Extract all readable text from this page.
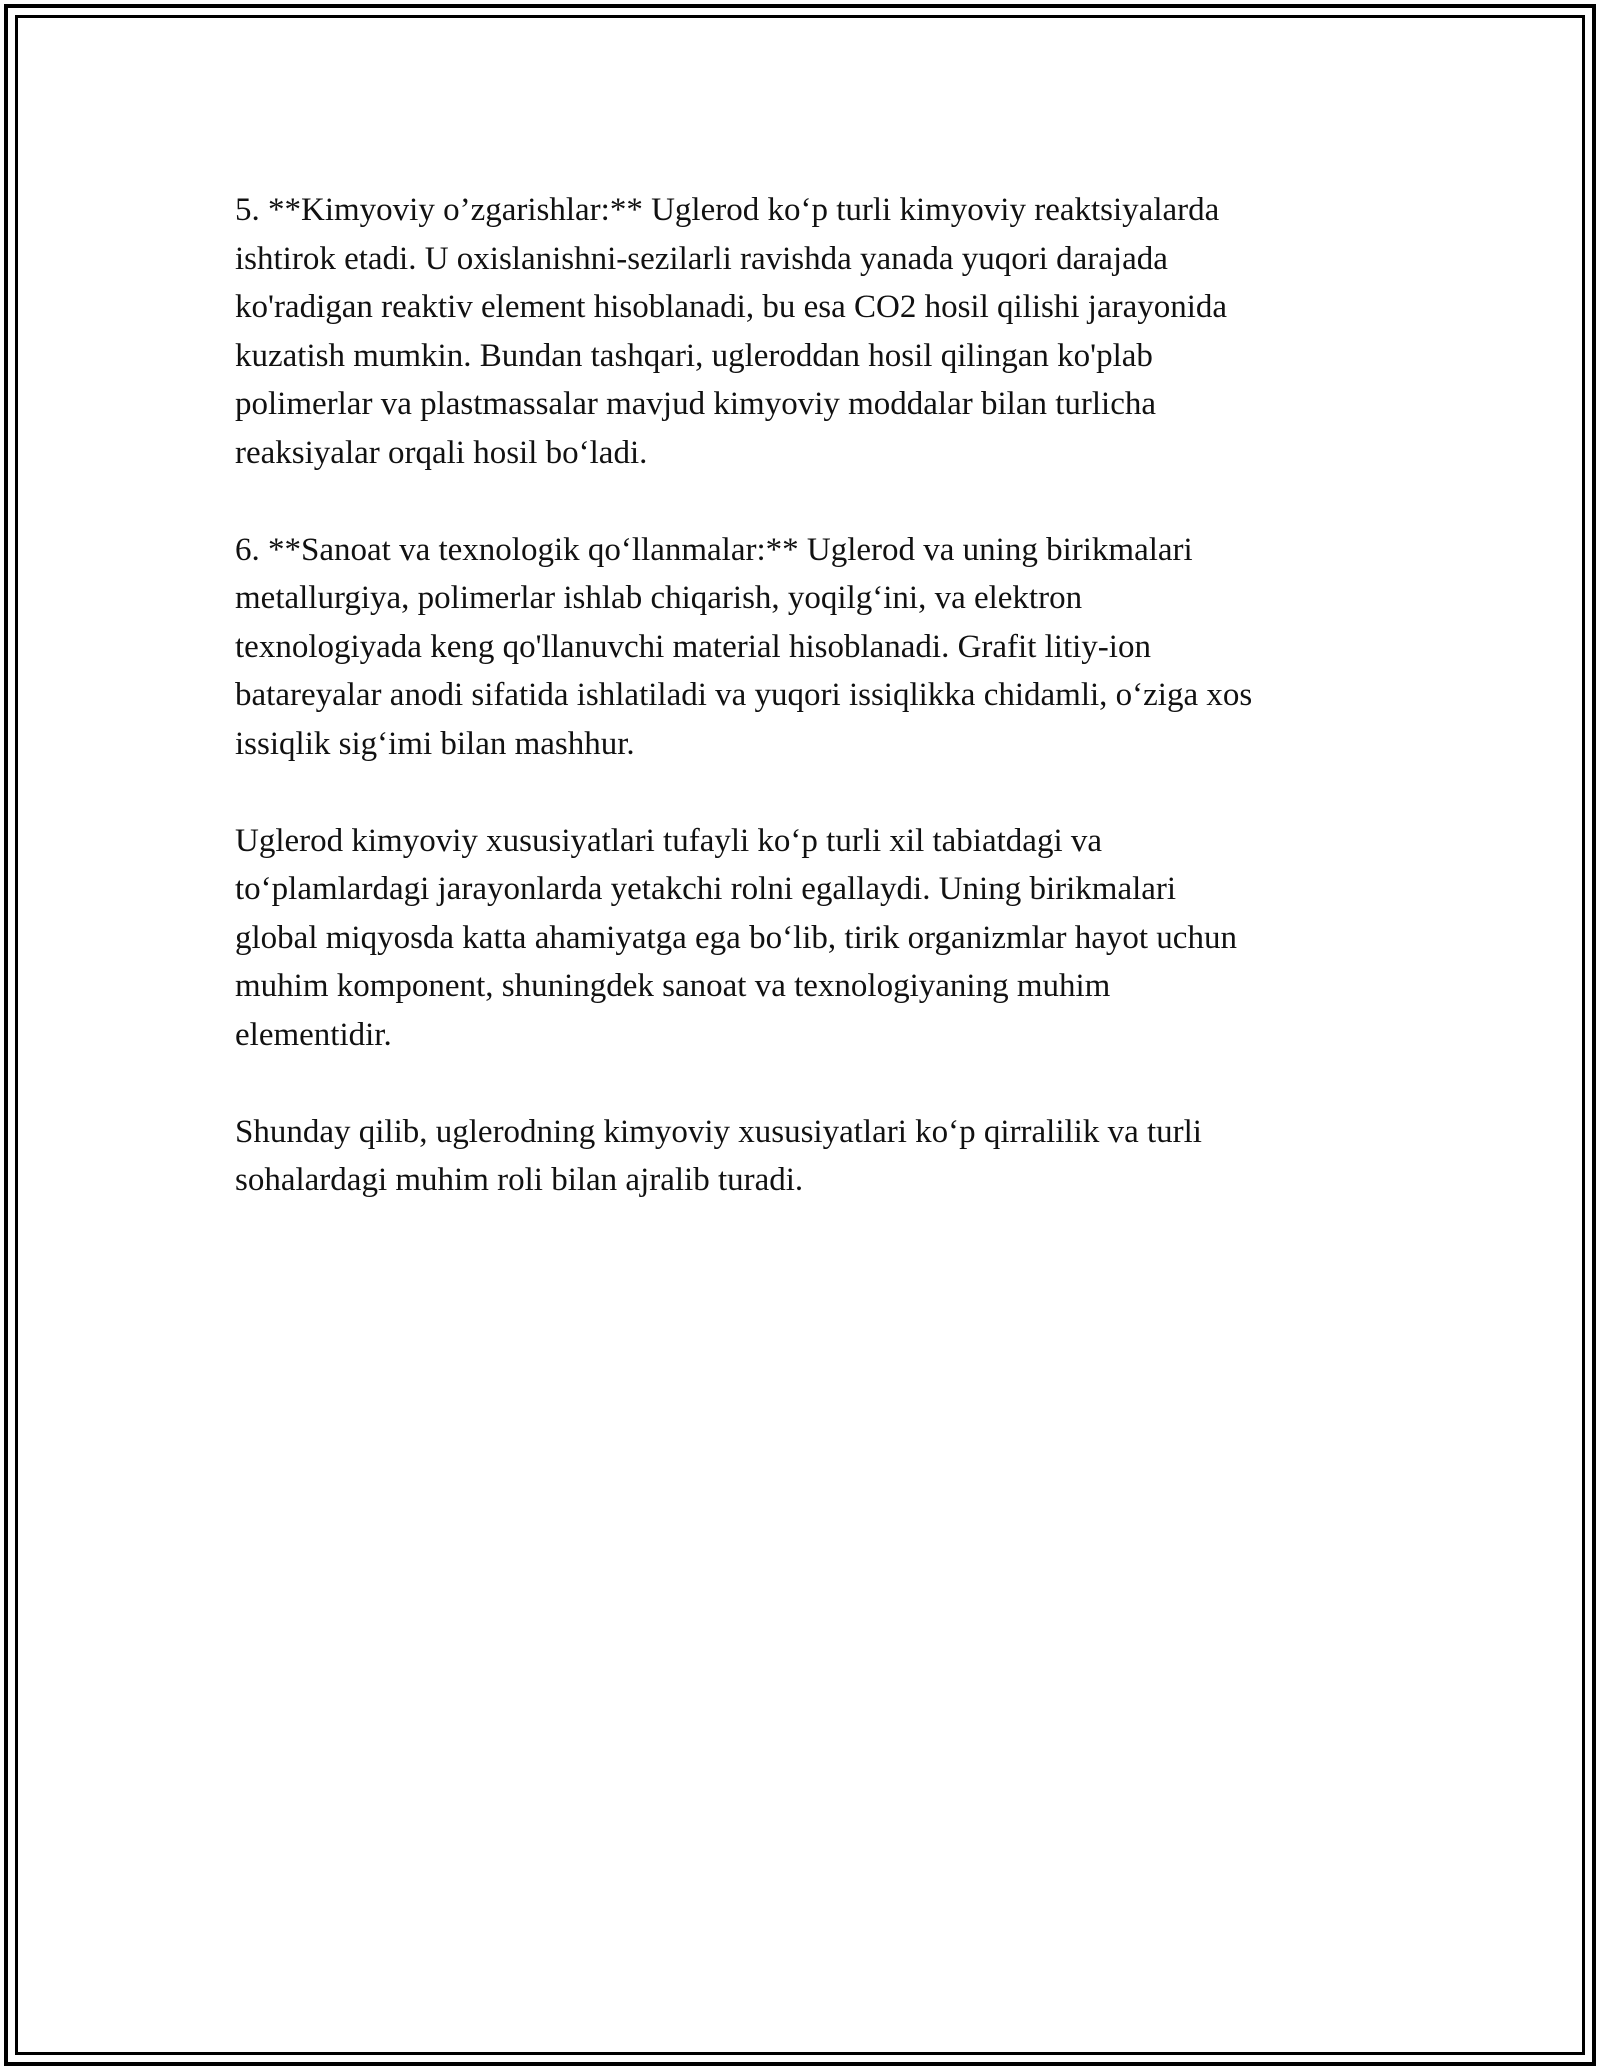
5. **Kimyoviy o’zgarishlar:** Uglerod ko‘p turli kimyoviy reaktsiyalarda
ishtirok etadi. U oxislanishni-sezilarli ravishda yanada yuqori darajada
ko'radigan reaktiv element hisoblanadi, bu esa CO2 hosil qilishi jarayonida
kuzatish mumkin. Bundan tashqari, ugleroddan hosil qilingan ko'plab
polimerlar va plastmassalar mavjud kimyoviy moddalar bilan turlicha
reaksiyalar orqali hosil bo‘ladi.

6. **Sanoat va texnologik qo‘llanmalar:** Uglerod va uning birikmalari
metallurgiya, polimerlar ishlab chiqarish, yoqilg‘ini, va elektron
texnologiyada keng qo'llanuvchi material hisoblanadi. Grafit litiy-ion
batareyalar anodi sifatida ishlatiladi va yuqori issiqlikka chidamli, o‘ziga xos
issiqlik sig‘imi bilan mashhur.

Uglerod kimyoviy xususiyatlari tufayli ko‘p turli xil tabiatdagi va
to‘plamlardagi jarayonlarda yetakchi rolni egallaydi. Uning birikmalari
global miqyosda katta ahamiyatga ega bo‘lib, tirik organizmlar hayot uchun
muhim komponent, shuningdek sanoat va texnologiyaning muhim
elementidir.

Shunday qilib, uglerodning kimyoviy xususiyatlari ko‘p qirralilik va turli
sohalardagi muhim roli bilan ajralib turadi.
